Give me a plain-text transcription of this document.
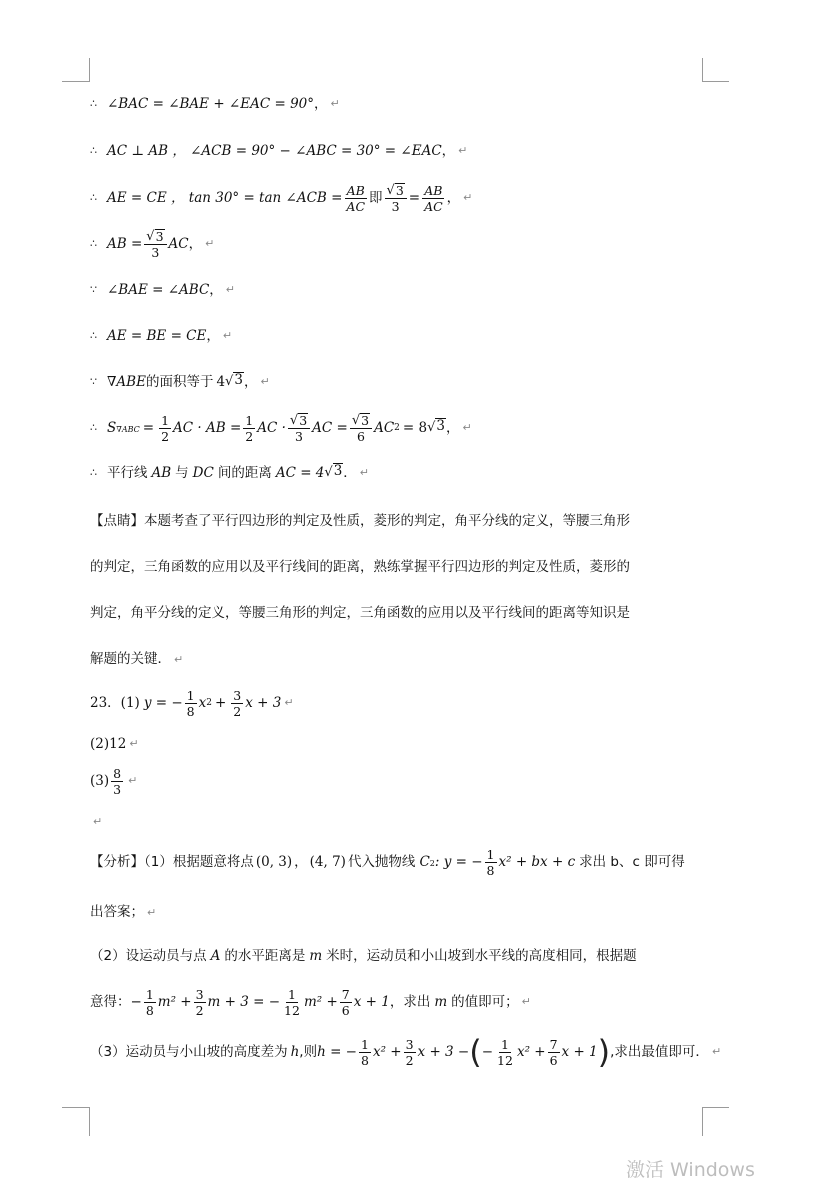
∴ ∠BAC = ∠BAE + ∠EAC = 90° ， ↵
∴ AC ⊥ AB ， ∠ACB = 90° − ∠ABC = 30° = ∠EAC ， ↵
∴ AE = CE ， tan 30° = tan ∠ACB = $\frac{AB}{AC}$ 即 $\frac{√ 3}{3} = \frac{AB}{AC}$ ， ↵
∴ AB = $\frac{√ 3}{3}$ AC ， ↵
∵ ∠BAE = ∠ABC ， ↵
∴ AE = BE = CE ， ↵
∵ ∇ABE 的面积等于 4 √ 3 ， ↵
∴ S $\nabla ABC = \frac{1}{2}$ AC · AB = $\frac{1}{2}$ AC · $\frac{√ 3}{3}$ AC = $\frac{√ 3}{6}$ AC 2 = 8 √ 3 ， ↵
∴ 平行线 AB 与 DC 间的距离 AC = 4 √ 3 ． ↵
【点睛】本题考查了平行四边形的判定及性质，菱形的判定，角平分线的定义，等腰三角形
的判定，三角函数的应用以及平行线间的距离，熟练掌握平行四边形的判定及性质，菱形的
判定，角平分线的定义，等腰三角形的判定，三角函数的应用以及平行线间的距离等知识是
解题的关键． ↵
23．(1) y = − $\frac{1}{8}$ x $2 + \frac{3}{2}$ x + 3 ↵
(2)12 ↵
$(3) \frac{8}{3}$ ↵
↵
【分析】（1）根据题意将点 (0, 3) ， (4, 7) 代入抛物线 C 2 : y = − $\frac{1}{8} x^2$ + bx + c 求出 b、c 即可得
出答案； ↵
（2）设运动员与点 A 的水平距离是 m 米时，运动员和小山坡到水平线的高度相同，根据题
意得：− $\frac{1}{8} m^2 + \frac{3}{2}$ m + 3 = − $\frac{1}{12} m^2 + \frac{7}{6}$ x + 1 ，求出 m 的值即可； ↵
（3）运动员与小山坡的高度差为 h ,则 h = − $\frac{1}{8} x^2 + \frac{3}{2}$ x + 3 − ( − $\frac{1}{12} x^2 + \frac{7}{6}$ x + 1 ) ,求出最值即可． ↵
激活 Windows
